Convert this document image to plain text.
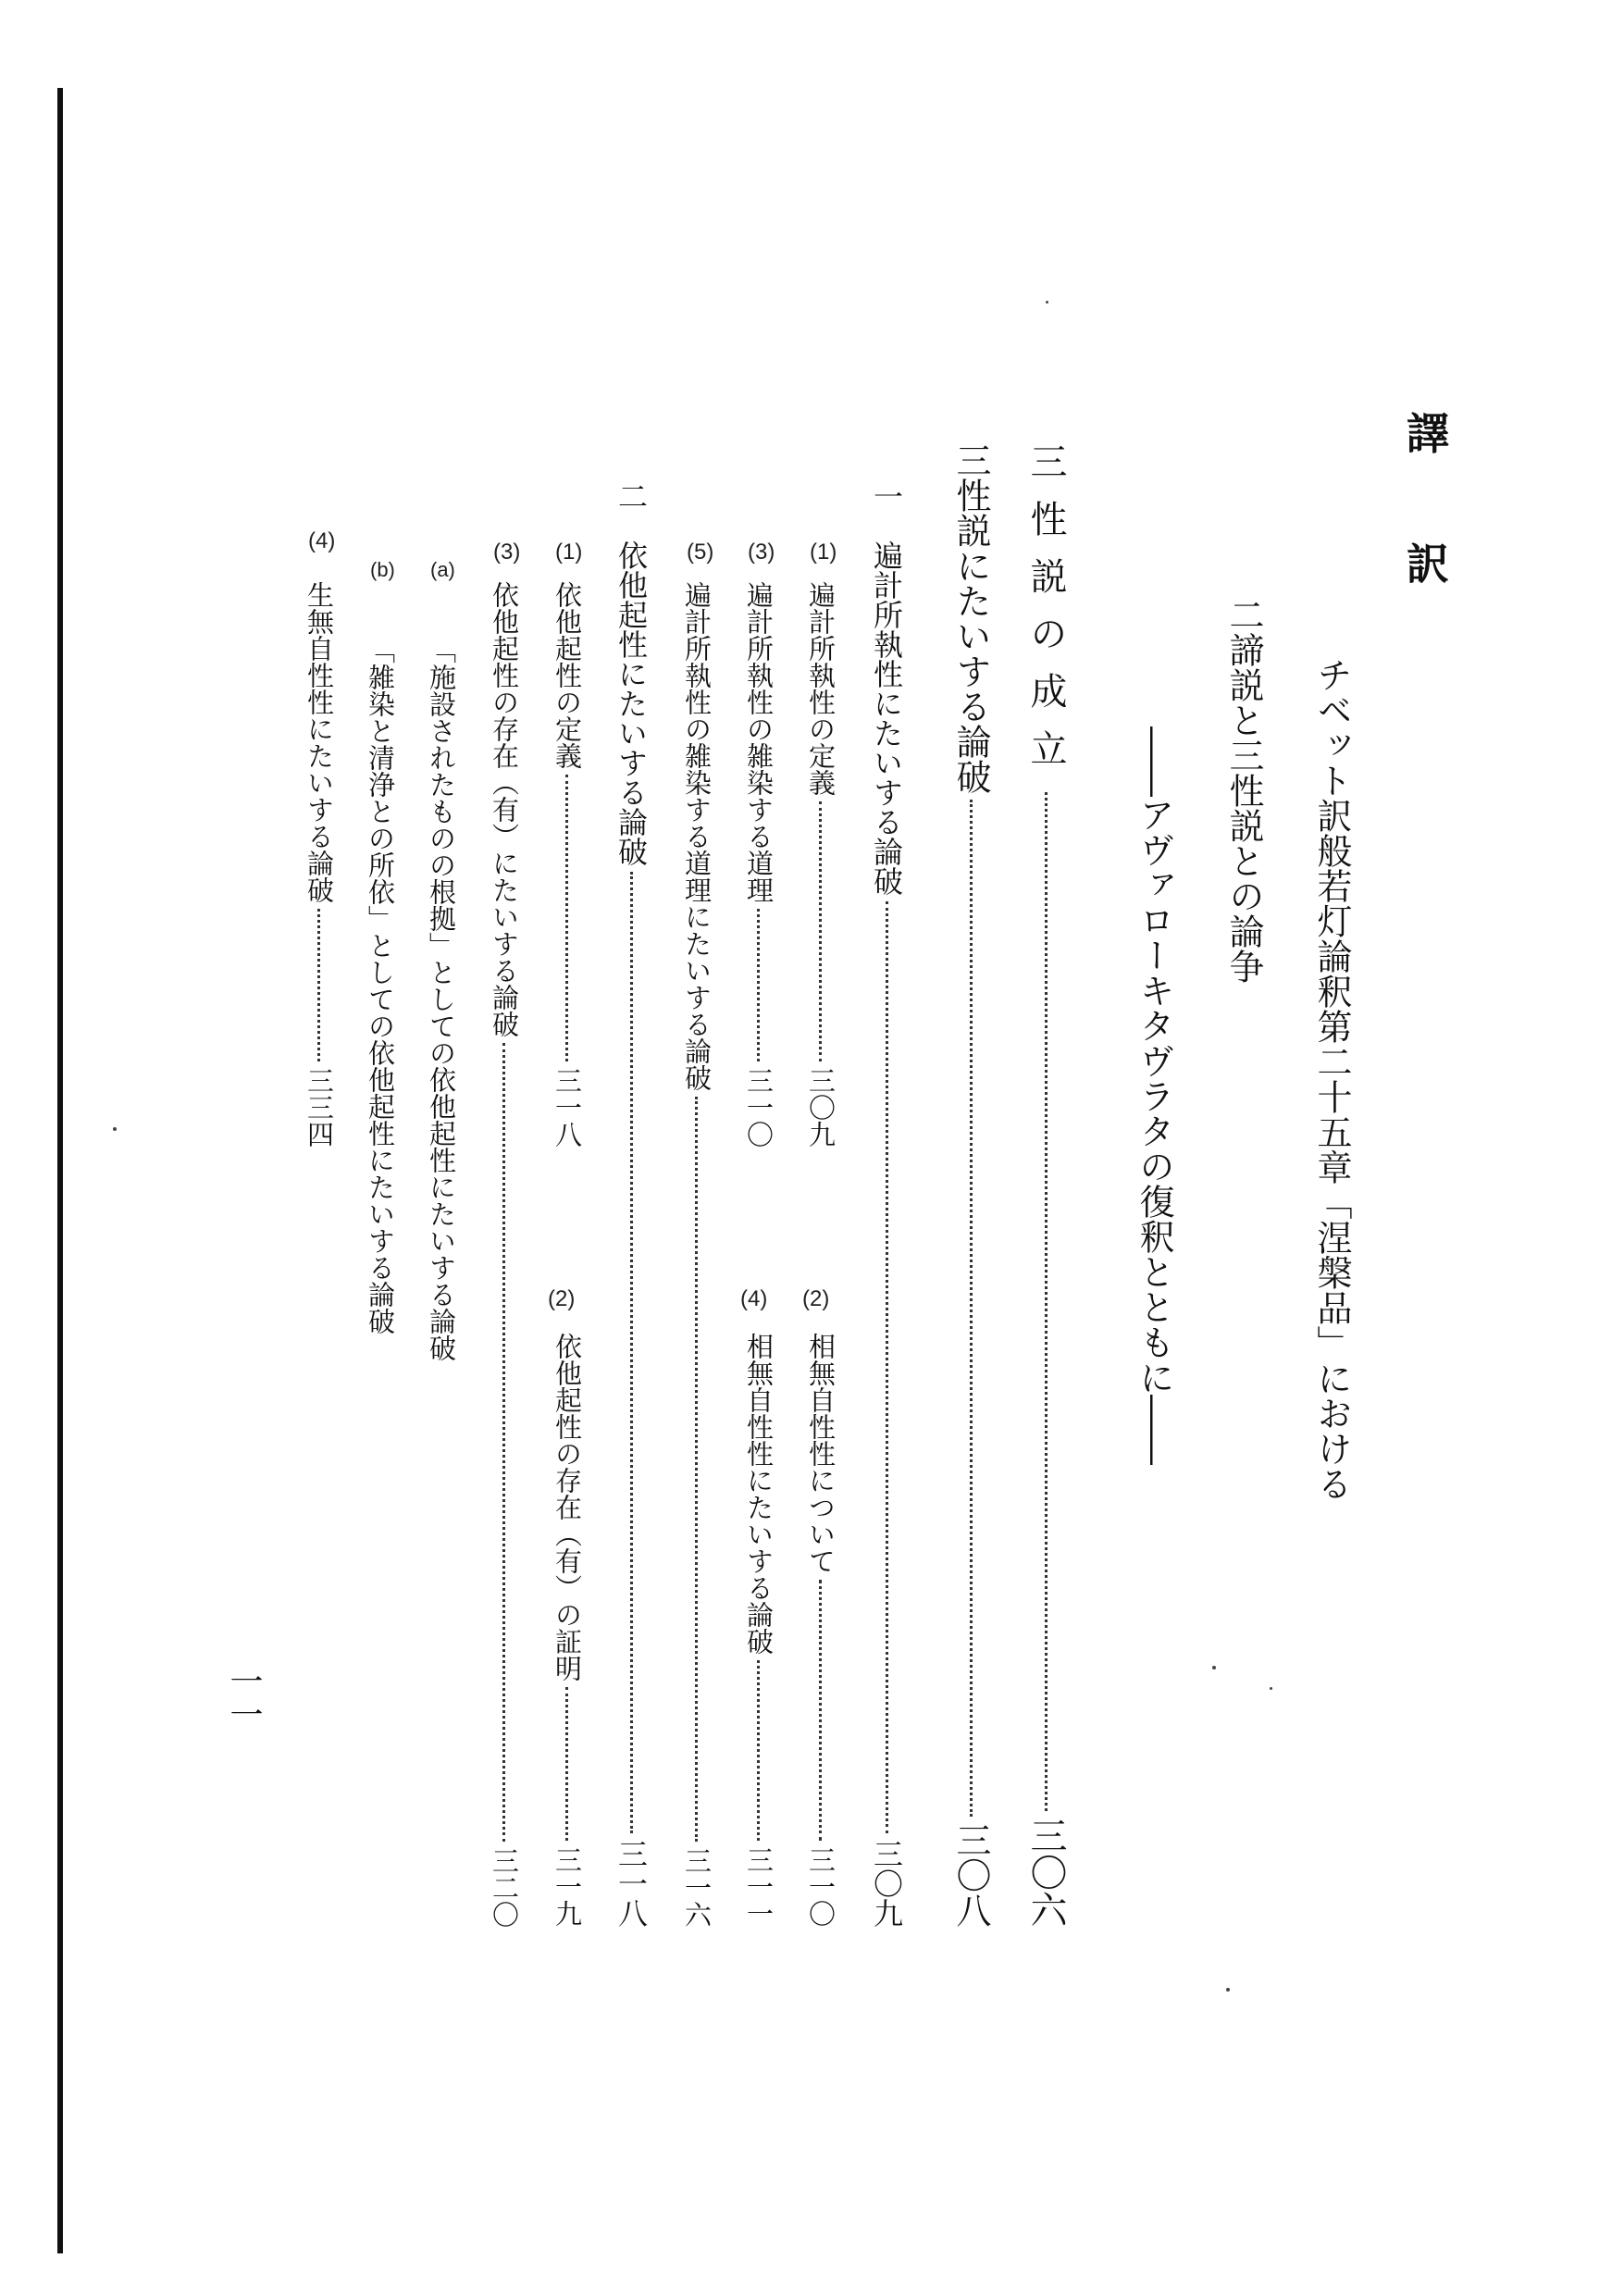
譯
訳
チベット訳般若灯論釈第二十五章「涅槃品」における
二諦説と三性説との論争
――アヴァローキタヴラタの復釈とともに――
三性説の成立
三〇六
三性説にたいする論破
三〇八
一　遍計所執性にたいする論破
三〇九
(1)
遍計所執性の定義
三〇九
(2)
相無自性性について
三一〇
(3)
遍計所執性の雑染する道理
三一〇
(4)
相無自性性にたいする論破
三一一
(5)
遍計所執性の雑染する道理にたいする論破
三一六
二　依他起性にたいする論破
三一八
(1)
依他起性の定義
三一八
(2)
依他起性の存在（有）の証明
三一九
(3)
依他起性の存在（有）にたいする論破
三二〇
(a)
「施設されたものの根拠」としての依他起性にたいする論破
(b)
「雑染と清浄との所依」としての依他起性にたいする論破
(4)
生無自性性にたいする論破
三三四
一一
